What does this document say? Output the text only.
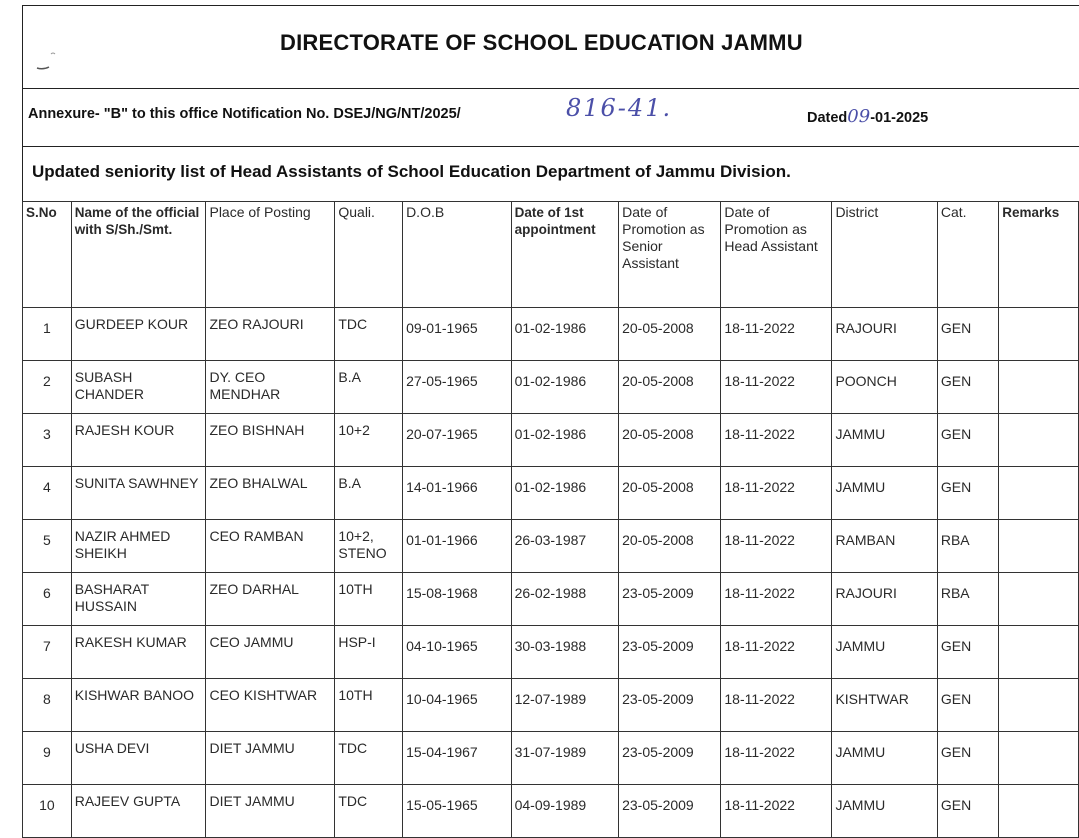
DIRECTORATE OF SCHOOL EDUCATION JAMMU
Annexure- "B" to this office Notification No. DSEJ/NG/NT/2025/	816-41.	Dated09-01-2025
Updated seniority list of Head Assistants of School Education Department of Jammu Division.
S.No	Name of the official with S/Sh./Smt.	Place of Posting	Quali.	D.O.B	Date of 1st appointment	Date of Promotion as Senior Assistant	Date of Promotion as Head Assistant	District	Cat.	Remarks
1	GURDEEP KOUR	ZEO RAJOURI	TDC	09-01-1965	01-02-1986	20-05-2008	18-11-2022	RAJOURI	GEN	
2	SUBASH CHANDER	DY. CEO MENDHAR	B.A	27-05-1965	01-02-1986	20-05-2008	18-11-2022	POONCH	GEN	
3	RAJESH KOUR	ZEO BISHNAH	10+2	20-07-1965	01-02-1986	20-05-2008	18-11-2022	JAMMU	GEN	
4	SUNITA SAWHNEY	ZEO BHALWAL	B.A	14-01-1966	01-02-1986	20-05-2008	18-11-2022	JAMMU	GEN	
5	NAZIR AHMED SHEIKH	CEO RAMBAN	10+2, STENO	01-01-1966	26-03-1987	20-05-2008	18-11-2022	RAMBAN	RBA	
6	BASHARAT HUSSAIN	ZEO DARHAL	10TH	15-08-1968	26-02-1988	23-05-2009	18-11-2022	RAJOURI	RBA	
7	RAKESH KUMAR	CEO JAMMU	HSP-I	04-10-1965	30-03-1988	23-05-2009	18-11-2022	JAMMU	GEN	
8	KISHWAR BANOO	CEO KISHTWAR	10TH	10-04-1965	12-07-1989	23-05-2009	18-11-2022	KISHTWAR	GEN	
9	USHA DEVI	DIET JAMMU	TDC	15-04-1967	31-07-1989	23-05-2009	18-11-2022	JAMMU	GEN	
10	RAJEEV GUPTA	DIET JAMMU	TDC	15-05-1965	04-09-1989	23-05-2009	18-11-2022	JAMMU	GEN	
